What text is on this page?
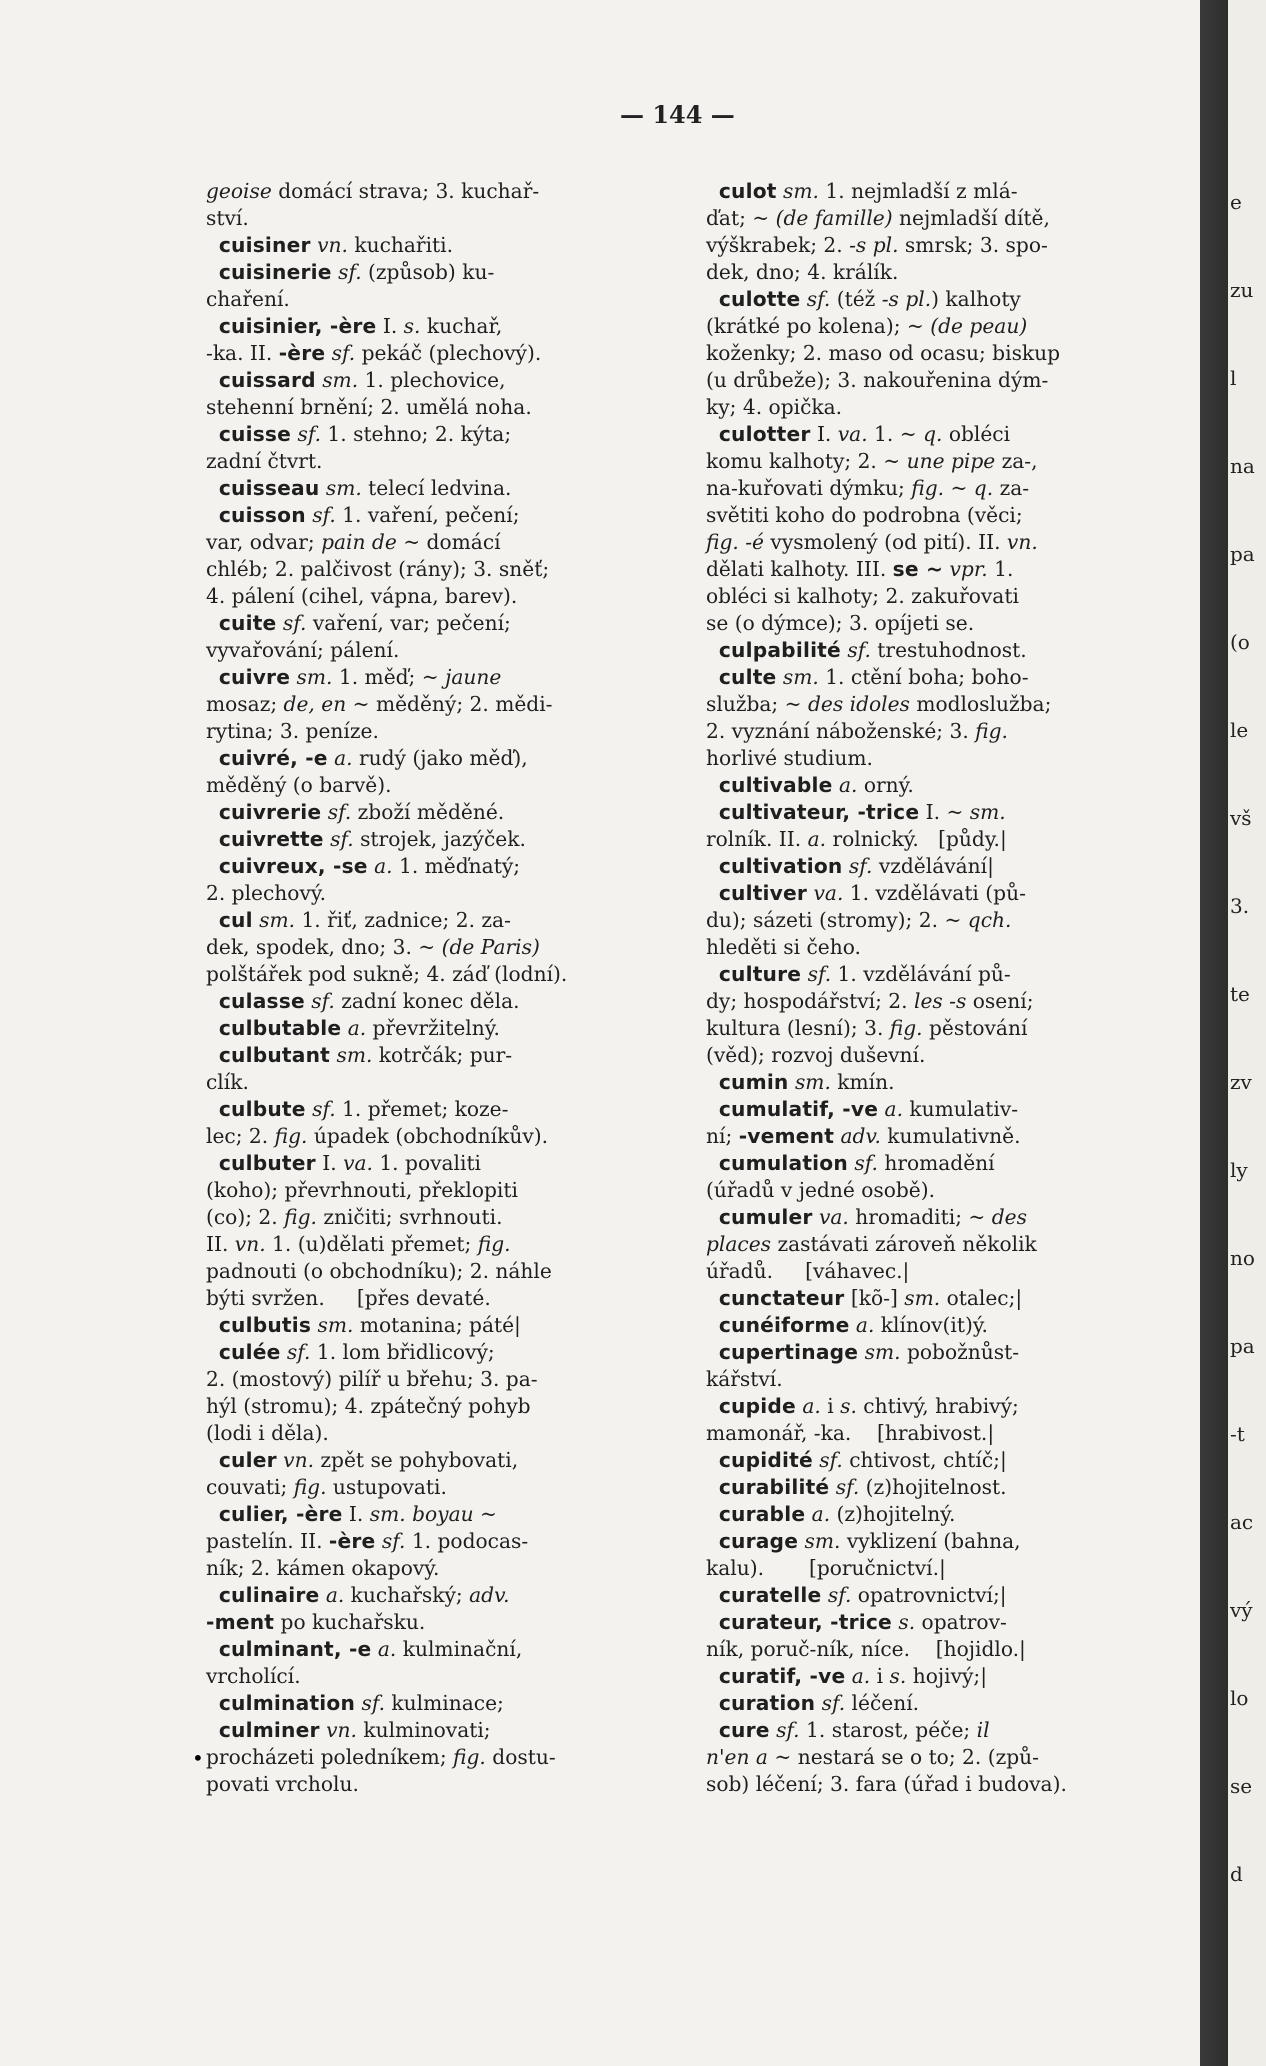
— 144 —
geoise domácí strava; 3. kuchař-
ství.
cuisiner vn. kuchařiti.
cuisinerie sf. (způsob) ku-
chaření.
cuisinier, -ère I. s. kuchař,
-ka. II. -ère sf. pekáč (plechový).
cuissard sm. 1. plechovice,
stehenní brnění; 2. umělá noha.
cuisse sf. 1. stehno; 2. kýta;
zadní čtvrt.
cuisseau sm. telecí ledvina.
cuisson sf. 1. vaření, pečení;
var, odvar; pain de ~ domácí
chléb; 2. palčivost (rány); 3. sněť;
4. pálení (cihel, vápna, barev).
cuite sf. vaření, var; pečení;
vyvařování; pálení.
cuivre sm. 1. měď; ~ jaune
mosaz; de, en ~ měděný; 2. mědi-
rytina; 3. peníze.
cuivré, -e a. rudý (jako měď),
měděný (o barvě).
cuivrerie sf. zboží měděné.
cuivrette sf. strojek, jazýček.
cuivreux, -se a. 1. měďnatý;
2. plechový.
cul sm. 1. řiť, zadnice; 2. za-
dek, spodek, dno; 3. ~ (de Paris)
polštářek pod sukně; 4. záď (lodní).
culasse sf. zadní konec děla.
culbutable a. převržitelný.
culbutant sm. kotrčák; pur-
clík.
culbute sf. 1. přemet; koze-
lec; 2. fig. úpadek (obchodníkův).
culbuter I. va. 1. povaliti
(koho); převrhnouti, překlopiti
(co); 2. fig. zničiti; svrhnouti.
II. vn. 1. (u)dělati přemet; fig.
padnouti (o obchodníku); 2. náhle
býti svržen.     [přes devaté.
culbutis sm. motanina; páté|
culée sf. 1. lom břidlicový;
2. (mostový) pilíř u břehu; 3. pa-
hýl (stromu); 4. zpátečný pohyb
(lodi i děla).
culer vn. zpět se pohybovati,
couvati; fig. ustupovati.
culier, -ère I. sm. boyau ~
pastelín. II. -ère sf. 1. podocas-
ník; 2. kámen okapový.
culinaire a. kuchařský; adv.
-ment po kuchařsku.
culminant, -e a. kulminační,
vrcholící.
culmination sf. kulminace;
culminer vn. kulminovati;
procházeti poledníkem; fig. dostu-
povati vrcholu.
culot sm. 1. nejmladší z mlá-
ďat; ~ (de famille) nejmladší dítě,
výškrabek; 2. -s pl. smrsk; 3. spo-
dek, dno; 4. králík.
culotte sf. (též -s pl.) kalhoty
(krátké po kolena); ~ (de peau)
koženky; 2. maso od ocasu; biskup
(u drůbeže); 3. nakouřenina dým-
ky; 4. opička.
culotter I. va. 1. ~ q. obléci
komu kalhoty; 2. ~ une pipe za-,
na-kuřovati dýmku; fig. ~ q. za-
světiti koho do podrobna (věci;
fig. -é vysmolený (od pití). II. vn.
dělati kalhoty. III. se ~ vpr. 1.
obléci si kalhoty; 2. zakuřovati
se (o dýmce); 3. opíjeti se.
culpabilité sf. trestuhodnost.
culte sm. 1. ctění boha; boho-
služba; ~ des idoles modloslužba;
2. vyznání náboženské; 3. fig.
horlivé studium.
cultivable a. orný.
cultivateur, -trice I. ~ sm.
rolník. II. a. rolnický.   [půdy.|
cultivation sf. vzdělávání|
cultiver va. 1. vzdělávati (pů-
du); sázeti (stromy); 2. ~ qch.
hleděti si čeho.
culture sf. 1. vzdělávání pů-
dy; hospodářství; 2. les -s osení;
kultura (lesní); 3. fig. pěstování
(věd); rozvoj duševní.
cumin sm. kmín.
cumulatif, -ve a. kumulativ-
ní; -vement adv. kumulativně.
cumulation sf. hromadění
(úřadů v jedné osobě).
cumuler va. hromaditi; ~ des
places zastávati zároveň několik
úřadů.     [váhavec.|
cunctateur [kõ-] sm. otalec;|
cunéiforme a. klínov(it)ý.
cupertinage sm. pobožnůst-
kářství.
cupide a. i s. chtivý, hrabivý;
mamonář, -ka.    [hrabivost.|
cupidité sf. chtivost, chtíč;|
curabilité sf. (z)hojitelnost.
curable a. (z)hojitelný.
curage sm. vyklizení (bahna,
kalu).       [poručnictví.|
curatelle sf. opatrovnictví;|
curateur, -trice s. opatrov-
ník, poruč-ník, níce.    [hojidlo.|
curatif, -ve a. i s. hojivý;|
curation sf. léčení.
cure sf. 1. starost, péče; il
n'en a ~ nestará se o to; 2. (způ-
sob) léčení; 3. fara (úřad i budova).
•
e
zu
l
na
pa
(o
le
vš
3.
te
zv
ly
no
pa
-t
ac
vý
lo
se
d
